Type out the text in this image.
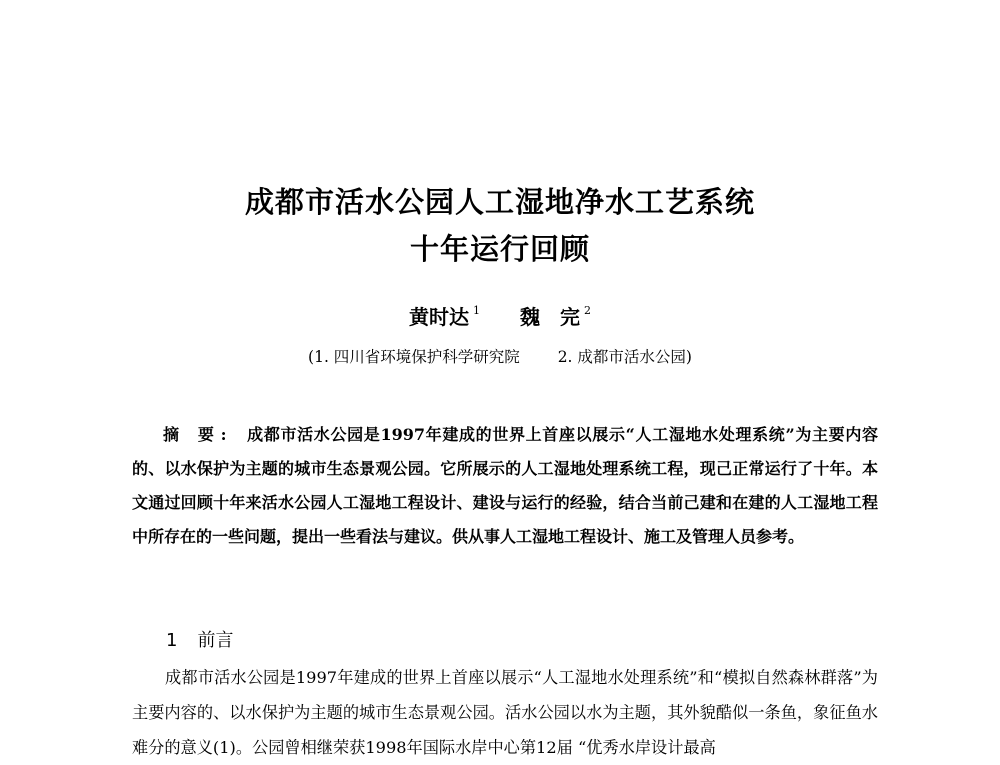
成都市活水公园人工湿地净水工艺系统
十年运行回顾
黄时达 $^1$ 魏　完 $^2$
(1. 四川省环境保护科学研究院 2. 成都市活水公园)

摘 要: 成都市活水公园是1997年建成的世界上首座以展示“人工湿地水处理系统”为主要内容的、以水保护为主题的城市生态景观公园。它所展示的人工湿地处理系统工程，现己正常运行了十年。本文通过回顾十年来活水公园人工湿地工程设计、建设与运行的经验，结合当前己建和在建的人工湿地工程中所存在的一些问题，提出一些看法与建议。供从事人工湿地工程设计、施工及管理人员参考。

1 前言

成都市活水公园是1997年建成的世界上首座以展示“人工湿地水处理系统”和“模拟自然森林群落”为主要内容的、以水保护为主题的城市生态景观公园。活水公园以水为主题，其外貌酷似一条鱼，象征鱼水难分的意义(1)。公园曾相继荣获1998年国际水岸中心第12届 “优秀水岸设计最高
